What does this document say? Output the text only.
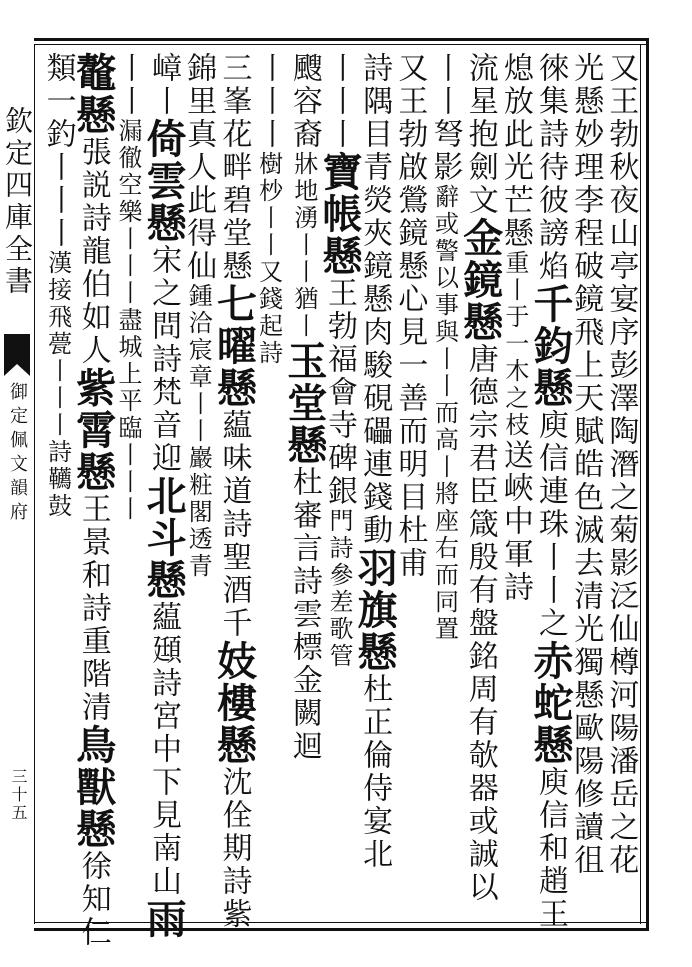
欽定四庫全書
御定佩文韻府
三十五	又王勃秋夜山亭宴序彭澤陶潛之菊影泛仙樽河陽潘岳之花
光懸妙理李程破鏡飛上天賦皓色滅去清光獨懸歐陽修讀徂
徠集詩待彼謗焰千鈞懸庾信連珠丨丨之赤蛇懸庾信和趙王
熄放此光芒懸重丨于一木之枝送峽中軍詩
流星抱劍文金鏡懸唐德宗君臣箴殷有盤銘周有欹器或誠以
丨丨弩影辭或警以事與丨丨而高丨將座右而同置
又王勃啟鶯鏡懸心見一善而明目杜甫
詩隅目青熒夾鏡懸肉駿硯礧連錢動羽旗懸杜正倫侍宴北
丨丨丨寶帳懸王勃福會寺碑銀門詩參差歌管
颼容裔牀地湧丨丨猶丨玉堂懸杜審言詩雲標金闕迴
丨丨丨樹杪丨丨又錢起詩
三峯花畔碧堂懸七曜懸藴味道詩聖酒千妓樓懸沈佺期詩紫
錦里真人此得仙鍾洽宸章丨丨巖粧閣透青
嶂丨倚雲懸宋之問詩梵音迎北斗懸藴頲詩宮中下見南山雨
丨丨漏徹空樂丨丨丨盡城上平臨丨丨丨
鼇懸張説詩龍伯如人紫霄懸王景和詩重階清鳥獸懸徐知仁
類一釣丨丨丨漢接飛甍丨丨丨詩韉鼓
